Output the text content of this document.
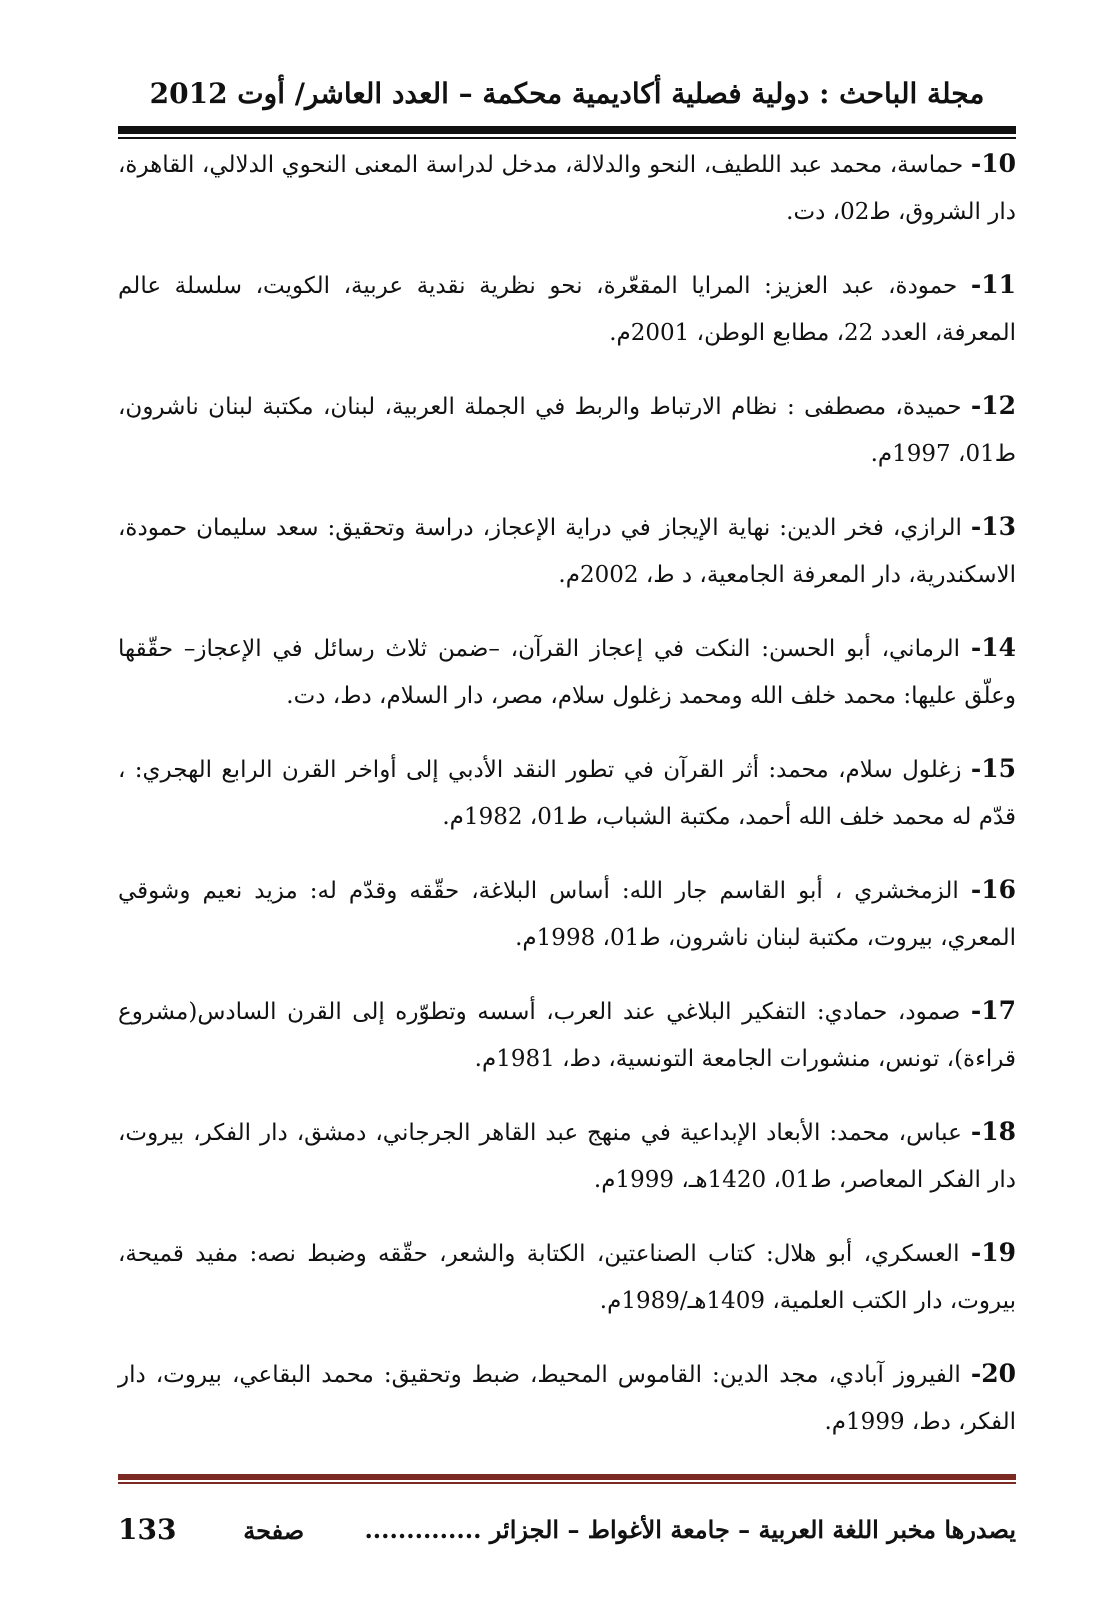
مجلة الباحث : دولية فصلية أكاديمية محكمة – العدد العاشر/ أوت 2012
10- حماسة، محمد عبد اللطيف، النحو والدلالة، مدخل لدراسة المعنى النحوي الدلالي، القاهرة، دار الشروق، ط02، دت.
11- حمودة، عبد العزيز: المرايا المقعّرة، نحو نظرية نقدية عربية، الكويت، سلسلة عالم المعرفة، العدد 22، مطابع الوطن، 2001م.
12- حميدة، مصطفى : نظام الارتباط والربط في الجملة العربية، لبنان، مكتبة لبنان ناشرون، ط01، 1997م.
13- الرازي، فخر الدين: نهاية الإيجاز في دراية الإعجاز، دراسة وتحقيق: سعد سليمان حمودة، الاسكندرية، دار المعرفة الجامعية، د ط، 2002م.
14- الرماني، أبو الحسن: النكت في إعجاز القرآن، –ضمن ثلاث رسائل في الإعجاز– حقّقها وعلّق عليها: محمد خلف الله ومحمد زغلول سلام، مصر، دار السلام، دط، دت.
15- زغلول سلام، محمد: أثر القرآن في تطور النقد الأدبي إلى أواخر القرن الرابع الهجري: ، قدّم له محمد خلف الله أحمد، مكتبة الشباب، ط01، 1982م.
16- الزمخشري ، أبو القاسم جار الله: أساس البلاغة، حقّقه وقدّم له: مزيد نعيم وشوقي المعري، بيروت، مكتبة لبنان ناشرون، ط01، 1998م.
17- صمود، حمادي: التفكير البلاغي عند العرب، أسسه وتطوّره إلى القرن السادس(مشروع قراءة)، تونس، منشورات الجامعة التونسية، دط، 1981م.
18- عباس، محمد: الأبعاد الإبداعية في منهج عبد القاهر الجرجاني، دمشق، دار الفكر، بيروت، دار الفكر المعاصر، ط01، 1420هـ، 1999م.
19- العسكري، أبو هلال: كتاب الصناعتين، الكتابة والشعر، حقّقه وضبط نصه: مفيد قميحة، بيروت، دار الكتب العلمية، 1409هـ/1989م.
20- الفيروز آبادي، مجد الدين: القاموس المحيط، ضبط وتحقيق: محمد البقاعي، بيروت، دار الفكر، دط، 1999م.
يصدرها مخبر اللغة العربية – جامعة الأغواط – الجزائر ..............
133	صفحة
